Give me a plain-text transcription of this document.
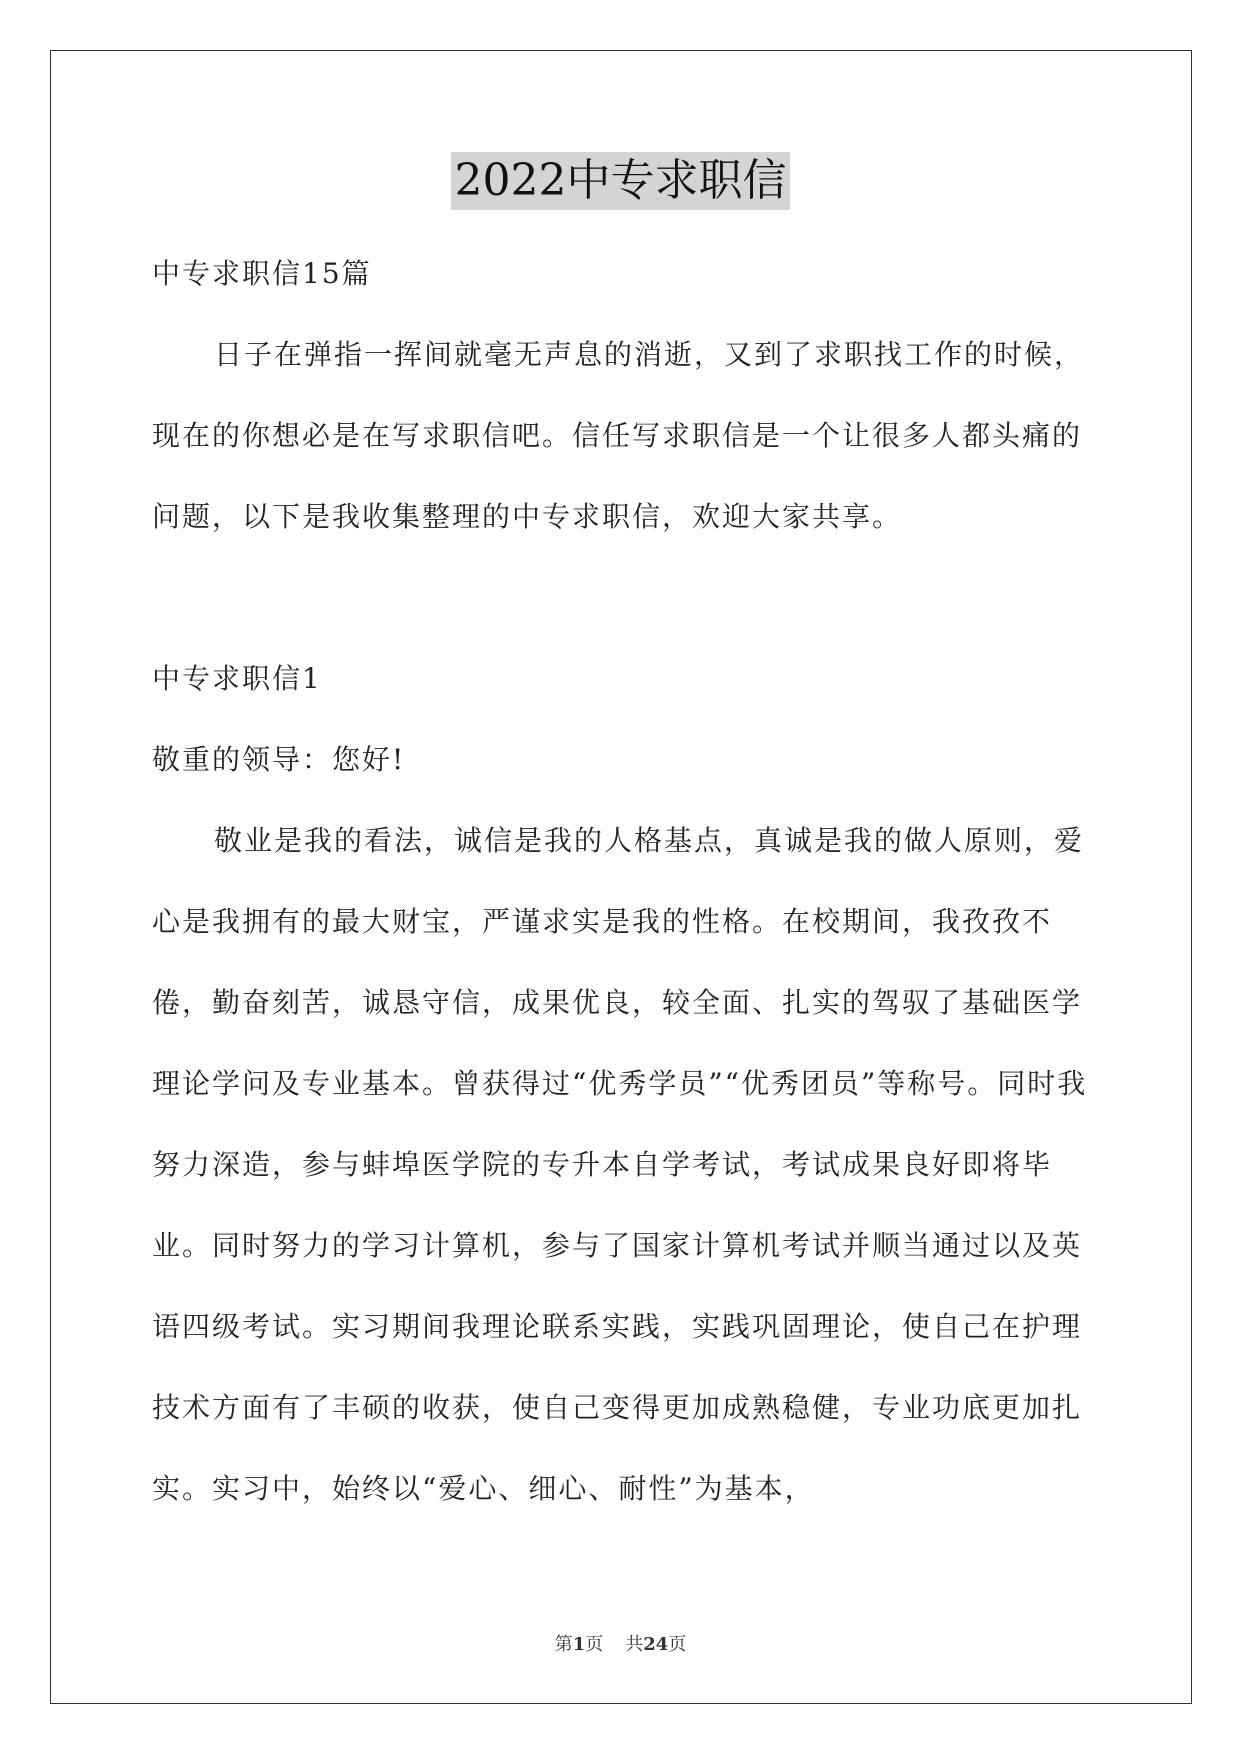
2022中专求职信

中专求职信15篇

日子在弹指一挥间就毫无声息的消逝，又到了求职找工作的时候，现在的你想必是在写求职信吧。信任写求职信是一个让很多人都头痛的问题，以下是我收集整理的中专求职信，欢迎大家共享。

中专求职信1

敬重的领导：您好!

敬业是我的看法，诚信是我的人格基点，真诚是我的做人原则，爱心是我拥有的最大财宝，严谨求实是我的性格。在校期间，我孜孜不倦，勤奋刻苦，诚恳守信，成果优良，较全面、扎实的驾驭了基础医学理论学问及专业基本。曾获得过“优秀学员”“优秀团员”等称号。同时我努力深造，参与蚌埠医学院的专升本自学考试，考试成果良好即将毕业。同时努力的学习计算机，参与了国家计算机考试并顺当通过以及英语四级考试。实习期间我理论联系实践，实践巩固理论，使自己在护理技术方面有了丰硕的收获，使自己变得更加成熟稳健，专业功底更加扎实。实习中，始终以“爱心、细心、耐性”为基本，

第1页 共24页
